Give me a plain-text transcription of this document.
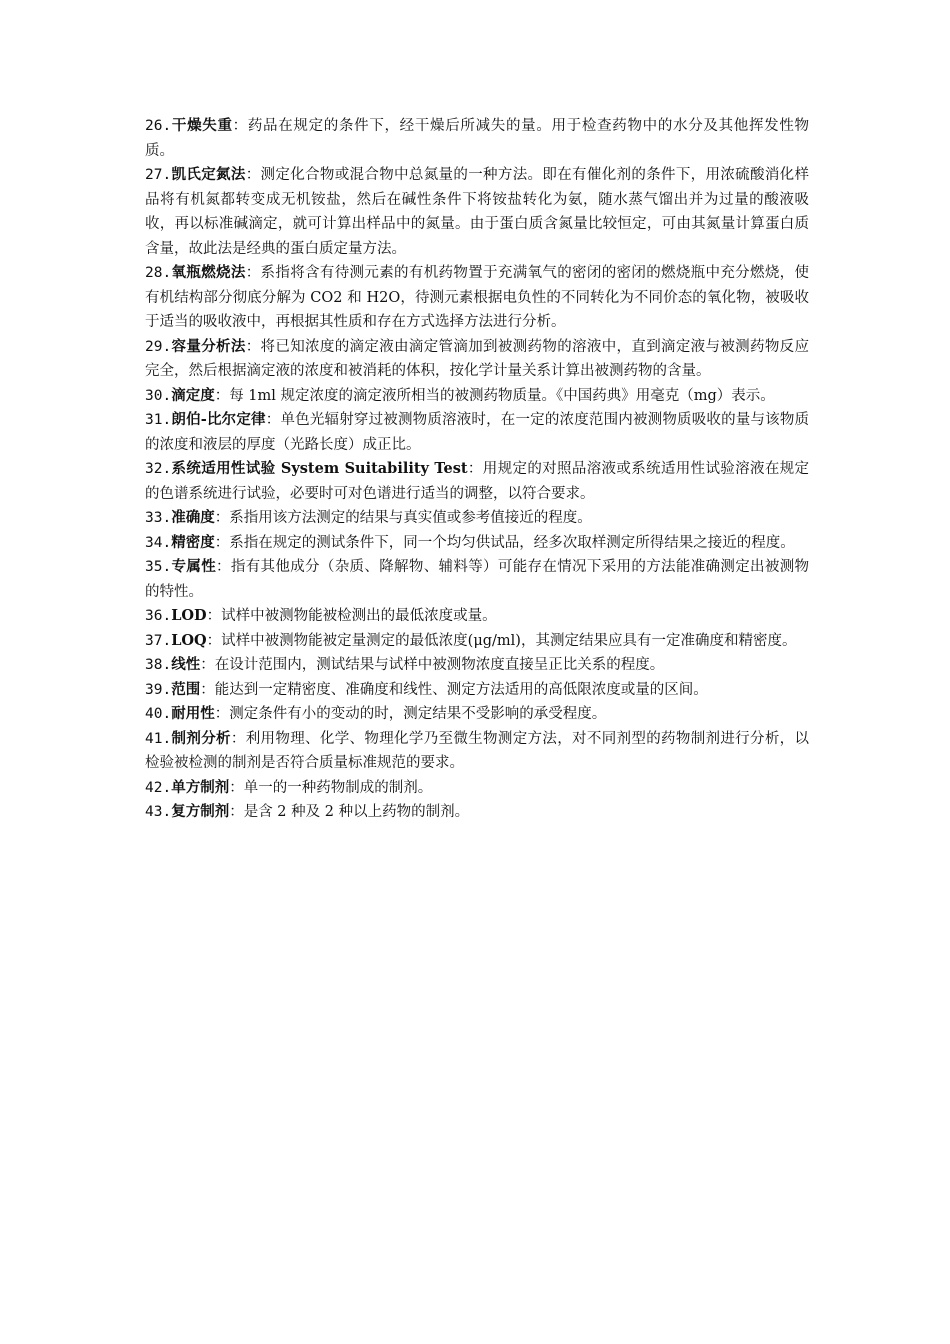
26.干燥失重：药品在规定的条件下，经干燥后所减失的量。用于检查药物中的水分及其他挥发性物质。

27.凯氏定氮法：测定化合物或混合物中总氮量的一种方法。即在有催化剂的条件下，用浓硫酸消化样品将有机氮都转变成无机铵盐，然后在碱性条件下将铵盐转化为氨，随水蒸气馏出并为过量的酸液吸收，再以标准碱滴定，就可计算出样品中的氮量。由于蛋白质含氮量比较恒定，可由其氮量计算蛋白质含量，故此法是经典的蛋白质定量方法。

28.氧瓶燃烧法：系指将含有待测元素的有机药物置于充满氧气的密闭的密闭的燃烧瓶中充分燃烧，使有机结构部分彻底分解为 CO2 和 H2O，待测元素根据电负性的不同转化为不同价态的氧化物，被吸收于适当的吸收液中，再根据其性质和存在方式选择方法进行分析。

29.容量分析法：将已知浓度的滴定液由滴定管滴加到被测药物的溶液中，直到滴定液与被测药物反应完全，然后根据滴定液的浓度和被消耗的体积，按化学计量关系计算出被测药物的含量。

30.滴定度：每 1ml 规定浓度的滴定液所相当的被测药物质量。《中国药典》用毫克（mg）表示。

31.朗伯-比尔定律：单色光辐射穿过被测物质溶液时，在一定的浓度范围内被测物质吸收的量与该物质的浓度和液层的厚度（光路长度）成正比。

32.系统适用性试验 System Suitability Test：用规定的对照品溶液或系统适用性试验溶液在规定的色谱系统进行试验，必要时可对色谱进行适当的调整，以符合要求。

33.准确度：系指用该方法测定的结果与真实值或参考值接近的程度。

34.精密度：系指在规定的测试条件下，同一个均匀供试品，经多次取样测定所得结果之接近的程度。

35.专属性：指有其他成分（杂质、降解物、辅料等）可能存在情况下采用的方法能准确测定出被测物的特性。

36.LOD：试样中被测物能被检测出的最低浓度或量。

37.LOQ：试样中被测物能被定量测定的最低浓度(μg/ml)，其测定结果应具有一定准确度和精密度。

38.线性：在设计范围内，测试结果与试样中被测物浓度直接呈正比关系的程度。

39.范围：能达到一定精密度、准确度和线性、测定方法适用的高低限浓度或量的区间。

40.耐用性：测定条件有小的变动的时，测定结果不受影响的承受程度。

41.制剂分析：利用物理、化学、物理化学乃至微生物测定方法，对不同剂型的药物制剂进行分析，以检验被检测的制剂是否符合质量标准规范的要求。

42.单方制剂：单一的一种药物制成的制剂。

43.复方制剂：是含 2 种及 2 种以上药物的制剂。
